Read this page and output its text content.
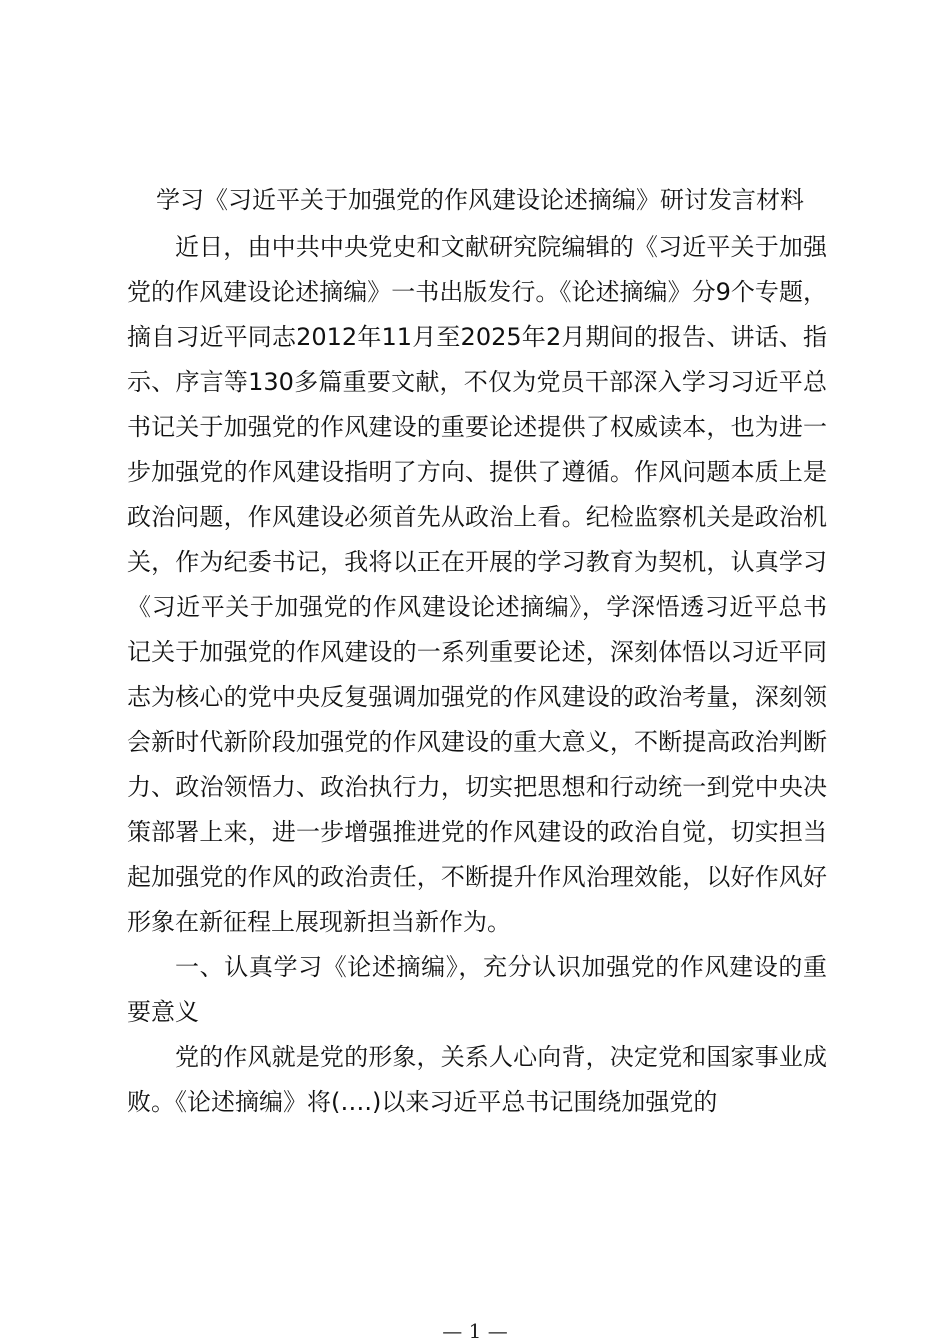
学习《习近平关于加强党的作风建设论述摘编》研讨发言材料

近日，由中共中央党史和文献研究院编辑的《习近平关于加强党的作风建设论述摘编》一书出版发行。《论述摘编》分9个专题，摘自习近平同志2012年11月至2025年2月期间的报告、讲话、指示、序言等130多篇重要文献，不仅为党员干部深入学习习近平总书记关于加强党的作风建设的重要论述提供了权威读本，也为进一步加强党的作风建设指明了方向、提供了遵循。作风问题本质上是政治问题，作风建设必须首先从政治上看。纪检监察机关是政治机关，作为纪委书记，我将以正在开展的学习教育为契机，认真学习《习近平关于加强党的作风建设论述摘编》，学深悟透习近平总书记关于加强党的作风建设的一系列重要论述，深刻体悟以习近平同志为核心的党中央反复强调加强党的作风建设的政治考量，深刻领会新时代新阶段加强党的作风建设的重大意义，不断提高政治判断力、政治领悟力、政治执行力，切实把思想和行动统一到党中央决策部署上来，进一步增强推进党的作风建设的政治自觉，切实担当起加强党的作风的政治责任，不断提升作风治理效能，以好作风好形象在新征程上展现新担当新作为。

一、认真学习《论述摘编》，充分认识加强党的作风建设的重要意义

党的作风就是党的形象，关系人心向背，决定党和国家事业成败。《论述摘编》将(….)以来习近平总书记围绕加强党的

— 1 —
